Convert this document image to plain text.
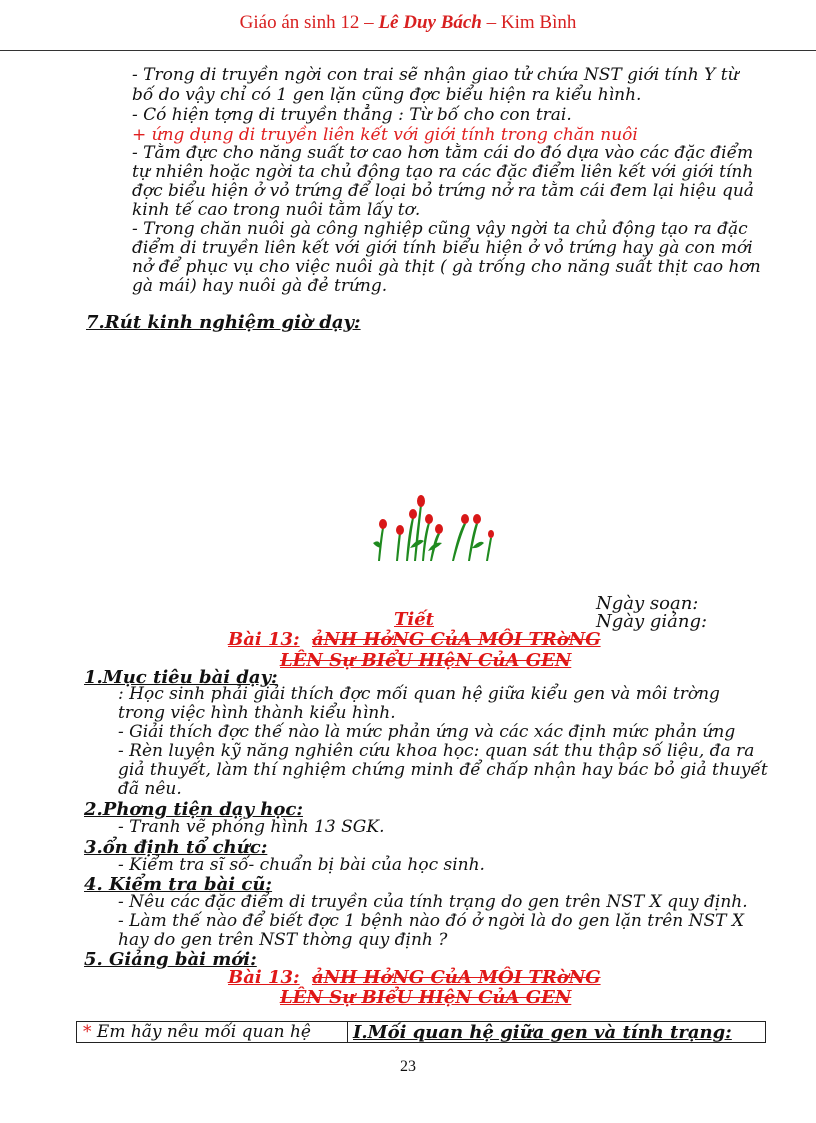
Giáo án sinh 12 – Lê Duy Bách – Kim Bình
- Trong di truyền ngời con trai sẽ nhận giao tử chứa NST giới tính Y từ
bố do vậy chỉ có 1 gen lặn cũng đợc biểu hiện ra kiểu hình.
- Có hiện tợng di truyền thẳng : Từ bố cho con trai.
+ ứng dụng di truyền liên kết với giới tính trong chăn nuôi
- Tằm đực cho năng suất tơ cao hơn tằm cái do đó dựa vào các đặc điểm
tự nhiên hoặc ngời ta chủ động tạo ra các đặc điểm liên kết với giới tính
đợc biểu hiện ở vỏ trứng để loại bỏ trứng nở ra tằm cái đem lại hiệu quả
kinh tế cao trong nuôi tằm lấy tơ.
- Trong chăn nuôi gà công nghiệp cũng vậy ngời ta chủ động tạo ra đặc
điểm di truyền liên kết với giới tính biểu hiện ở vỏ trứng hay gà con mới
nở để phục vụ cho việc nuôi gà thịt ( gà trống cho năng suất thịt cao hơn
gà mái) hay nuôi gà đẻ trứng.
7.Rút kinh nghiệm giờ dạy:
Ngày soạn:
Ngày giảng:
Tiết
Bài 13: ảNH HởNG CủA MÔI TRờNG
LÊN Sự BIểU HIệN CủA GEN
1.Mục tiêu bài dạy:
: Học sinh phải giải thích đợc mối quan hệ giữa kiểu gen và môi trờng
trong việc hình thành kiểu hình.
- Giải thích đợc thế nào là mức phản ứng và các xác định mức phản ứng
- Rèn luyện kỹ năng nghiên cứu khoa học: quan sát thu thập số liệu, đa ra
giả thuyết, làm thí nghiệm chứng minh để chấp nhận hay bác bỏ giả thuyết
đã nêu.
2.Phơng tiện dạy học:
- Tranh vẽ phóng hình 13 SGK.
3.ổn định tổ chức:
- Kiểm tra sĩ số- chuẩn bị bài của học sinh.
4. Kiểm tra bài cũ:
- Nêu các đặc điểm di truyền của tính trạng do gen trên NST X quy định.
- Làm thế nào để biết đợc 1 bệnh nào đó ở ngời là do gen lặn trên NST X
hay do gen trên NST thờng quy định ?
5. Giảng bài mới:
Bài 13: ảNH HởNG CủA MÔI TRờNG
LÊN Sự BIểU HIệN CủA GEN
* Em hãy nêu mối quan hệ I.Mối quan hệ giữa gen và tính trạng:
23
